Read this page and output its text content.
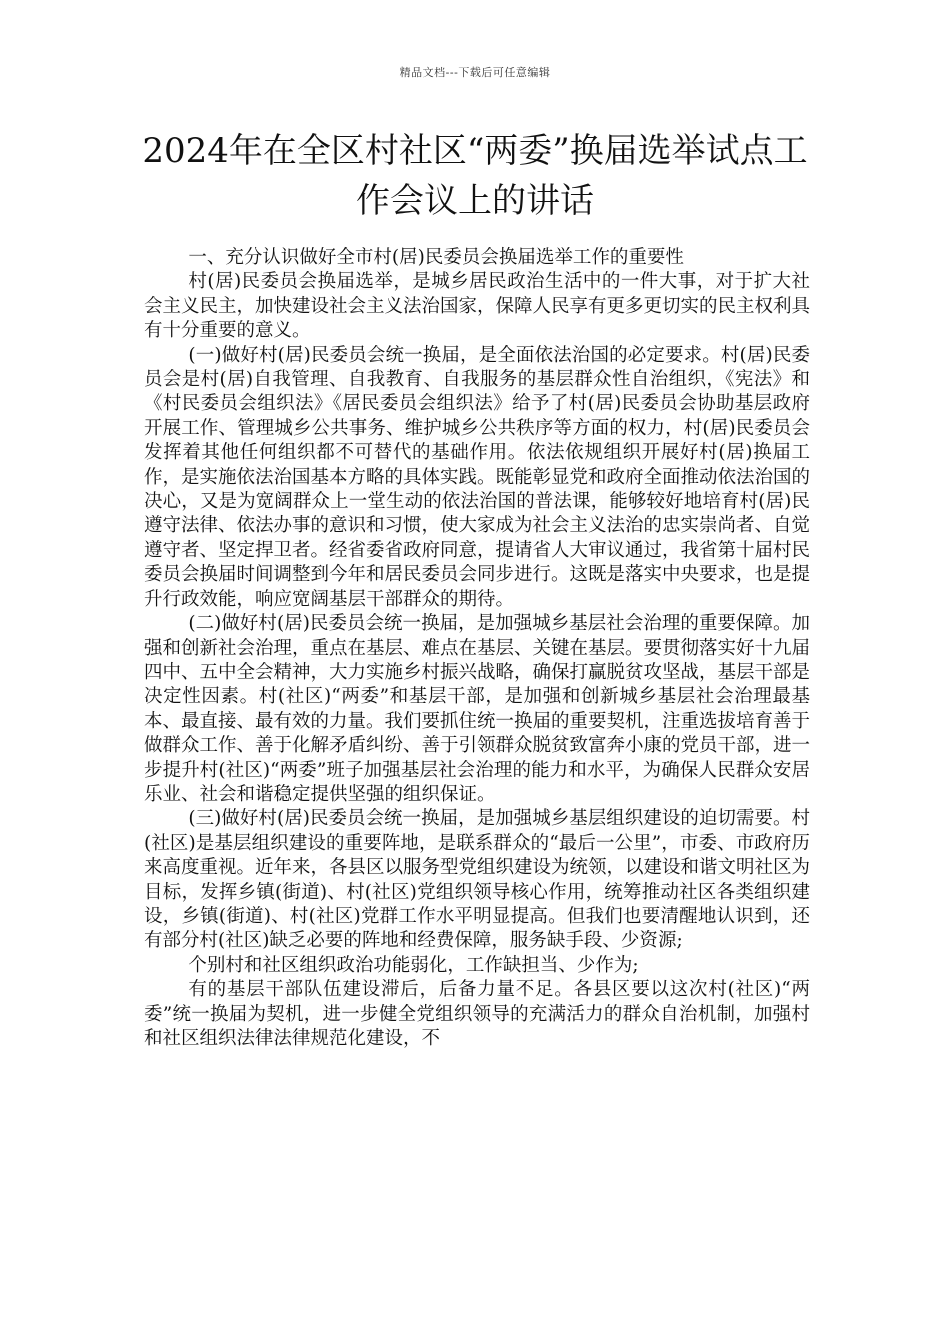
精品文档---下载后可任意编辑
2024年在全区村社区“两委”换届选举试点工作会议上的讲话

一、充分认识做好全市村(居)民委员会换届选举工作的重要性

村(居)民委员会换届选举，是城乡居民政治生活中的一件大事，对于扩大社会主义民主，加快建设社会主义法治国家，保障人民享有更多更切实的民主权利具有十分重要的意义。

(一)做好村(居)民委员会统一换届，是全面依法治国的必定要求。村(居)民委员会是村(居)自我管理、自我教育、自我服务的基层群众性自治组织，《宪法》和《村民委员会组织法》《居民委员会组织法》给予了村(居)民委员会协助基层政府开展工作、管理城乡公共事务、维护城乡公共秩序等方面的权力，村(居)民委员会发挥着其他任何组织都不可替代的基础作用。依法依规组织开展好村(居)换届工作，是实施依法治国基本方略的具体实践。既能彰显党和政府全面推动依法治国的决心，又是为宽阔群众上一堂生动的依法治国的普法课，能够较好地培育村(居)民遵守法律、依法办事的意识和习惯，使大家成为社会主义法治的忠实崇尚者、自觉遵守者、坚定捍卫者。经省委省政府同意，提请省人大审议通过，我省第十届村民委员会换届时间调整到今年和居民委员会同步进行。这既是落实中央要求，也是提升行政效能，响应宽阔基层干部群众的期待。

(二)做好村(居)民委员会统一换届，是加强城乡基层社会治理的重要保障。加强和创新社会治理，重点在基层、难点在基层、关键在基层。要贯彻落实好十九届四中、五中全会精神，大力实施乡村振兴战略，确保打赢脱贫攻坚战，基层干部是决定性因素。村(社区)“两委”和基层干部，是加强和创新城乡基层社会治理最基本、最直接、最有效的力量。我们要抓住统一换届的重要契机，注重选拔培育善于做群众工作、善于化解矛盾纠纷、善于引领群众脱贫致富奔小康的党员干部，进一步提升村(社区)“两委”班子加强基层社会治理的能力和水平，为确保人民群众安居乐业、社会和谐稳定提供坚强的组织保证。

(三)做好村(居)民委员会统一换届，是加强城乡基层组织建设的迫切需要。村(社区)是基层组织建设的重要阵地，是联系群众的“最后一公里”，市委、市政府历来高度重视。近年来，各县区以服务型党组织建设为统领，以建设和谐文明社区为目标，发挥乡镇(街道)、村(社区)党组织领导核心作用，统筹推动社区各类组织建设，乡镇(街道)、村(社区)党群工作水平明显提高。但我们也要清醒地认识到，还有部分村(社区)缺乏必要的阵地和经费保障，服务缺手段、少资源;

个别村和社区组织政治功能弱化，工作缺担当、少作为;

有的基层干部队伍建设滞后，后备力量不足。各县区要以这次村(社区)“两委”统一换届为契机，进一步健全党组织领导的充满活力的群众自治机制，加强村和社区组织法律法律规范化建设，不
